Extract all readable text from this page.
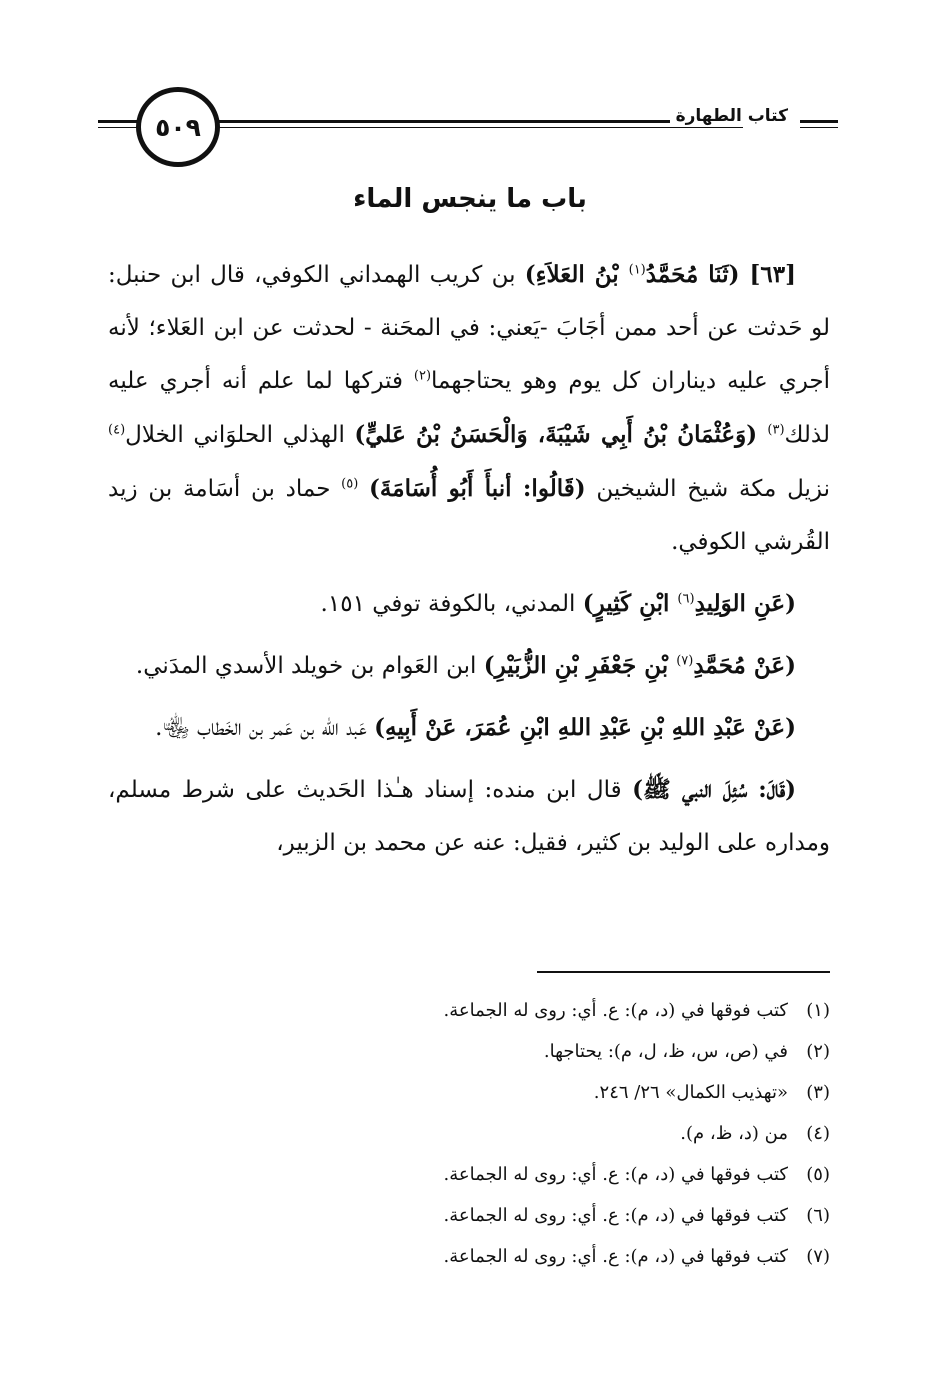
٥٠٩	كتاب الطهارة
باب ما ينجس الماء

[٦٣] (ثَنَا مُحَمَّدُ$^{(١)}$ بْنُ العَلاَءِ) بن كريب الهمداني الكوفي، قال ابن حنبل: لو حَدثت عن أحد ممن أجَابَ -يَعني: في المحَنة - لحدثت عن ابن العَلاء؛ لأنه أجري عليه ديناران كل يوم وهو يحتاجهما$^{(٢)}$ فتركها لما علم أنه أجري عليه لذلك$^{(٣)}$ (وَعُثْمَانُ بْنُ أَبِي شَيْبَةَ، وَالْحَسَنُ بْنُ عَليٍّ) الهذلي الحلوَاني الخلال$^{(٤)}$ نزيل مكة شيخ الشيخين (قَالُوا: أنبأَ أَبُو أُسَامَةَ) $^{(٥)}$ حماد بن أسَامة بن زيد القُرشي الكوفي.

(عَنِ الوَلِيدِ$^{(٦)}$ ابْنِ كَثِيرٍ) المدني، بالكوفة توفي ١٥١.

(عَنْ مُحَمَّدِ$^{(٧)}$ بْنِ جَعْفَرِ بْنِ الزُّبَيْرِ) ابن العَوام بن خويلد الأسدي المدَني.

(عَنْ عَبْدِ اللهِ بْنِ عَبْدِ اللهِ ابْنِ عُمَرَ، عَنْ أَبِيهِ) عَبد الله بن عَمر بن الخَطاب ﵄.

(قَالَ: سُئِلَ النبي ﷺ) قال ابن منده: إسناد هـٰذا الحَديث على شرط مسلم، ومداره على الوليد بن كثير، فقيل: عنه عن محمد بن الزبير،

(١)
كتب فوقها في (د، م): ع. أي: روى له الجماعة.
(٢)
في (ص، س، ظ، ل، م): يحتاجها.
(٣)
«تهذيب الكمال» ٢٦/ ٢٤٦.
(٤)
من (د، ظ، م).
(٥)
كتب فوقها في (د، م): ع. أي: روى له الجماعة.
(٦)
كتب فوقها في (د، م): ع. أي: روى له الجماعة.
(٧)
كتب فوقها في (د، م): ع. أي: روى له الجماعة.
